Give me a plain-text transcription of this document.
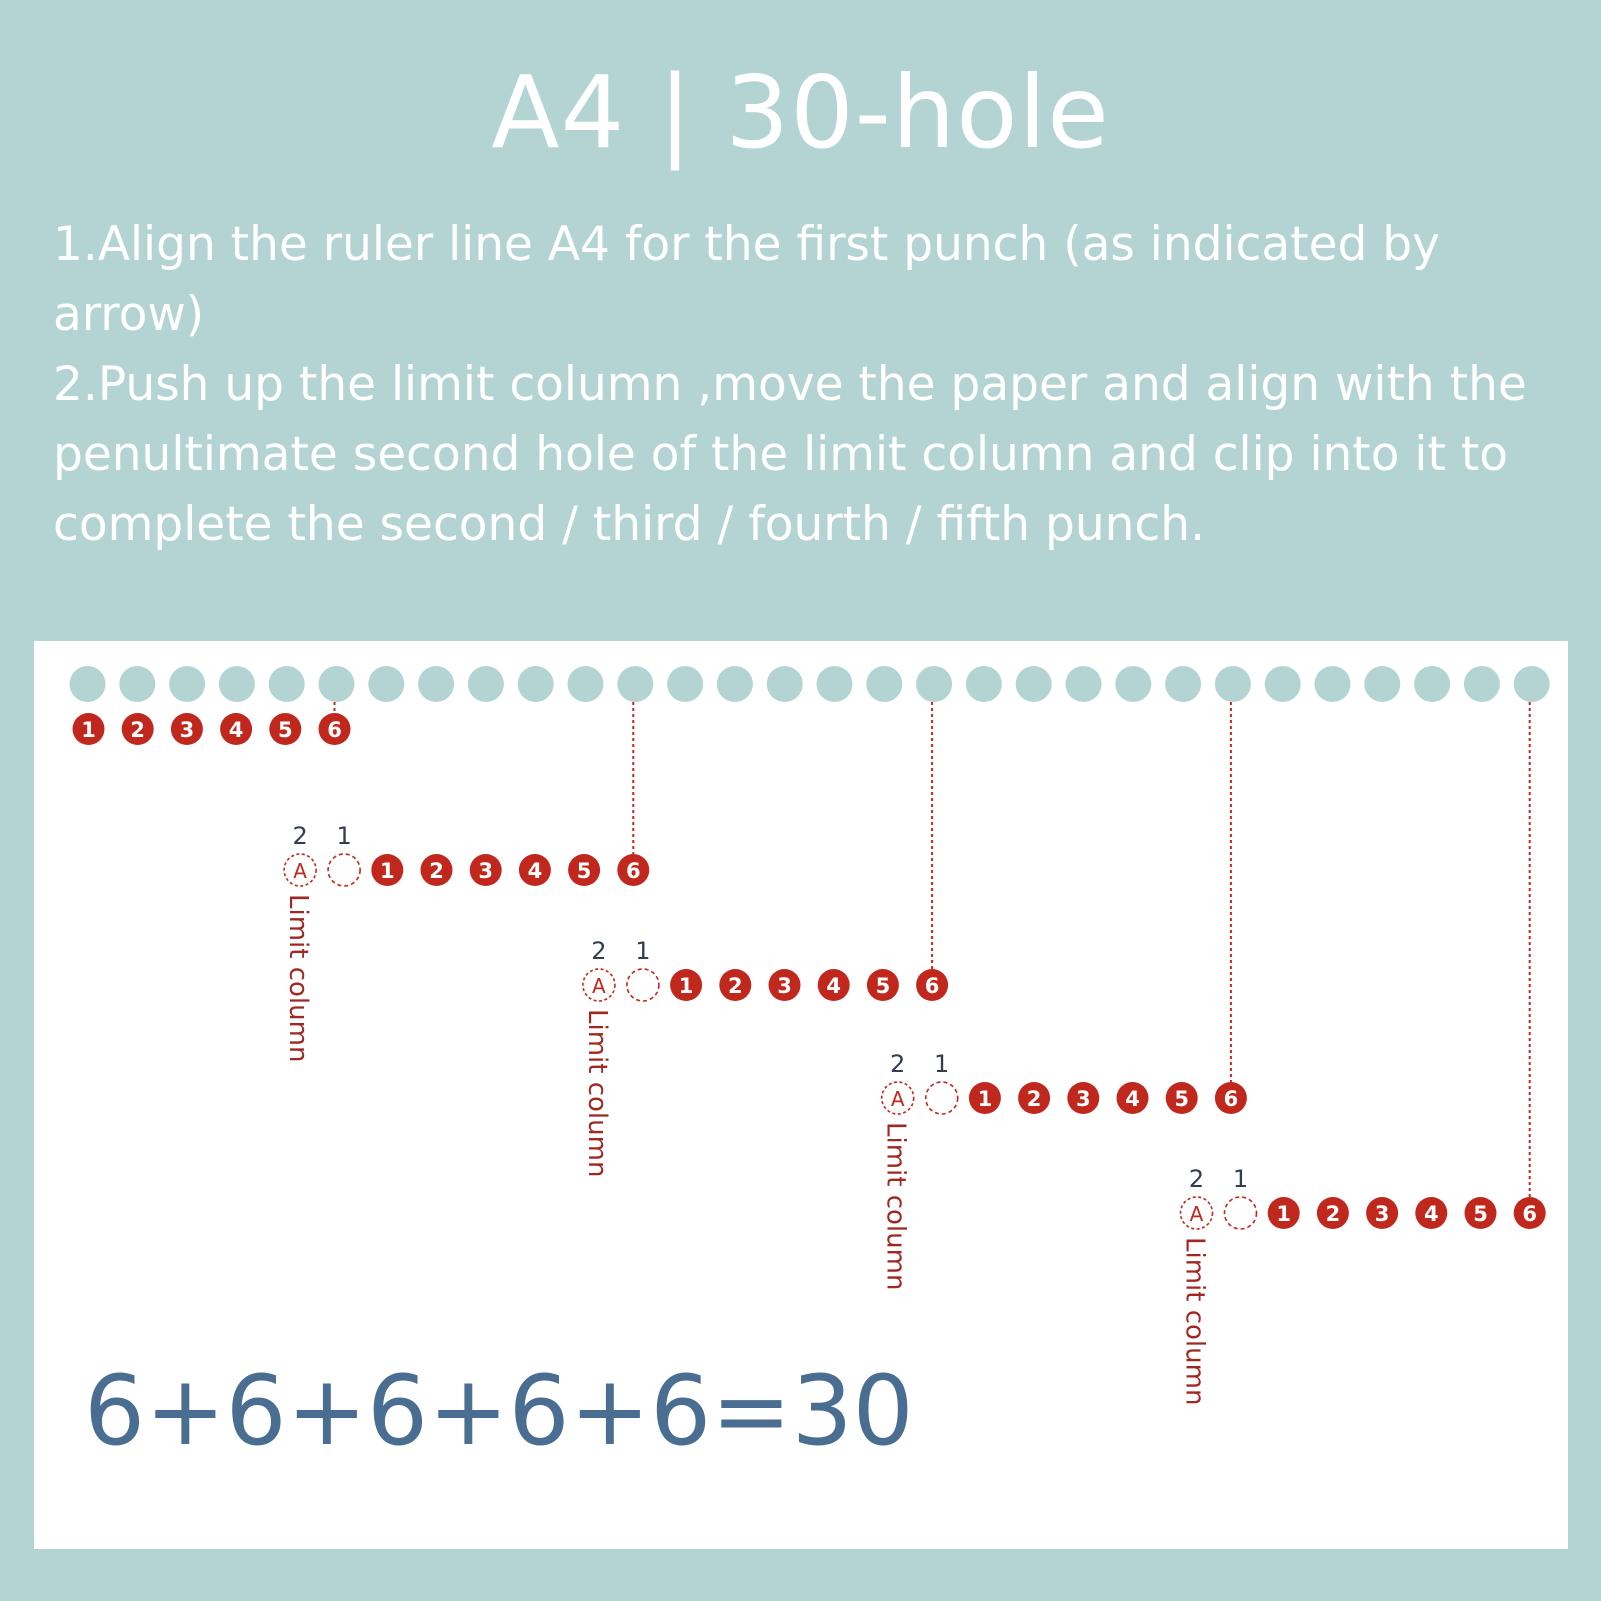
A4 | 30-hole

1.Align the ruler line A4 for the first punch (as indicated by arrow)

2.Push up the limit column ,move the paper and align with the penultimate second hole of the limit column and clip into it to complete the second / third / fourth / fifth punch.

1 2 3 4 5 6
1 2 3 4 5 6
A
2 1
Limit column	1 2 3 4 5 6
A
2 1
Limit column	1 2 3 4 5 6
A
2 1
Limit column	1 2 3 4 5 6
A
2 1
Limit column
6+6+6+6+6=30
